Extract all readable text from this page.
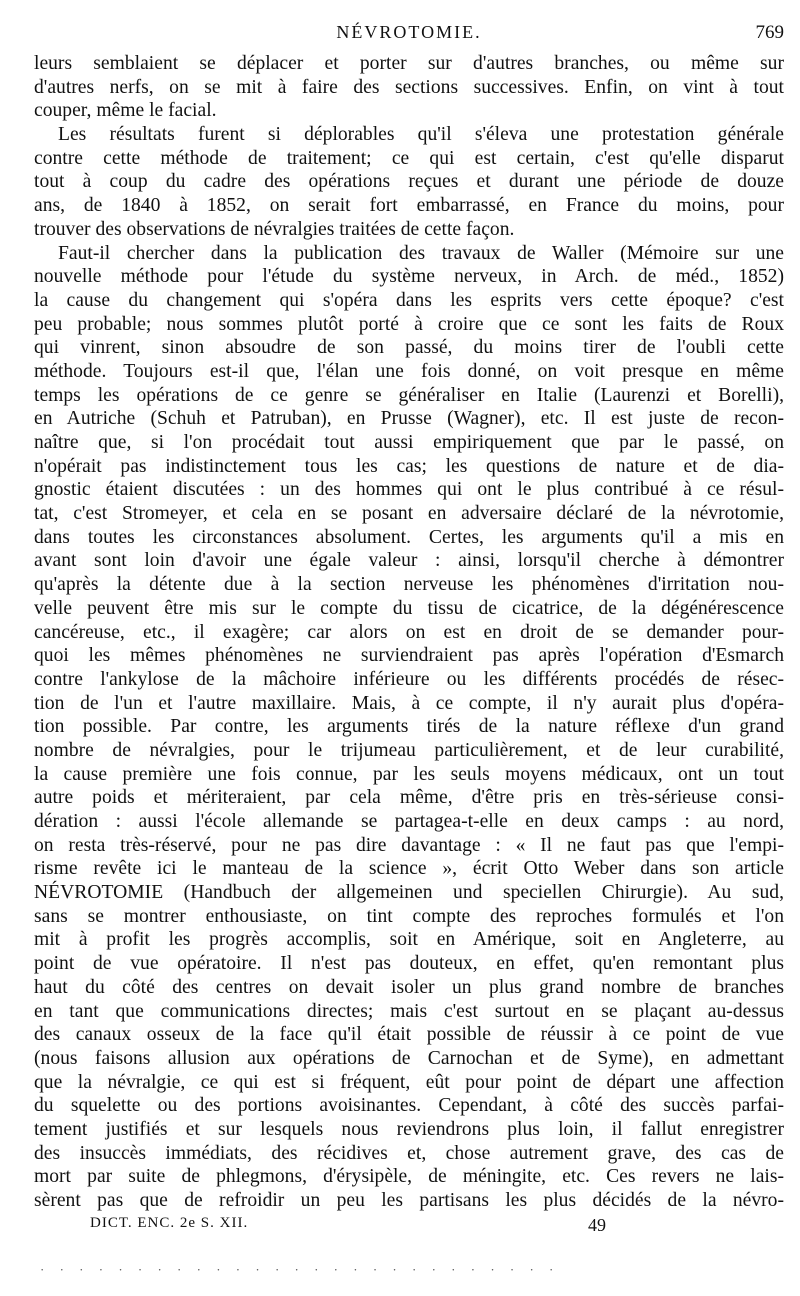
NÉVROTOMIE.	769
leurs semblaient se déplacer et porter sur d'autres branches, ou même sur
d'autres nerfs, on se mit à faire des sections successives. Enfin, on vint à tout
couper, même le facial.
Les résultats furent si déplorables qu'il s'éleva une protestation générale
contre cette méthode de traitement; ce qui est certain, c'est qu'elle disparut
tout à coup du cadre des opérations reçues et durant une période de douze
ans, de 1840 à 1852, on serait fort embarrassé, en France du moins, pour
trouver des observations de névralgies traitées de cette façon.
Faut-il chercher dans la publication des travaux de Waller (Mémoire sur une
nouvelle méthode pour l'étude du système nerveux, in Arch. de méd., 1852)
la cause du changement qui s'opéra dans les esprits vers cette époque? c'est
peu probable; nous sommes plutôt porté à croire que ce sont les faits de Roux
qui vinrent, sinon absoudre de son passé, du moins tirer de l'oubli cette
méthode. Toujours est-il que, l'élan une fois donné, on voit presque en même
temps les opérations de ce genre se généraliser en Italie (Laurenzi et Borelli),
en Autriche (Schuh et Patruban), en Prusse (Wagner), etc. Il est juste de recon-
naître que, si l'on procédait tout aussi empiriquement que par le passé, on
n'opérait pas indistinctement tous les cas; les questions de nature et de dia-
gnostic étaient discutées : un des hommes qui ont le plus contribué à ce résul-
tat, c'est Stromeyer, et cela en se posant en adversaire déclaré de la névrotomie,
dans toutes les circonstances absolument. Certes, les arguments qu'il a mis en
avant sont loin d'avoir une égale valeur : ainsi, lorsqu'il cherche à démontrer
qu'après la détente due à la section nerveuse les phénomènes d'irritation nou-
velle peuvent être mis sur le compte du tissu de cicatrice, de la dégénérescence
cancéreuse, etc., il exagère; car alors on est en droit de se demander pour-
quoi les mêmes phénomènes ne surviendraient pas après l'opération d'Esmarch
contre l'ankylose de la mâchoire inférieure ou les différents procédés de résec-
tion de l'un et l'autre maxillaire. Mais, à ce compte, il n'y aurait plus d'opéra-
tion possible. Par contre, les arguments tirés de la nature réflexe d'un grand
nombre de névralgies, pour le trijumeau particulièrement, et de leur curabilité,
la cause première une fois connue, par les seuls moyens médicaux, ont un tout
autre poids et mériteraient, par cela même, d'être pris en très-sérieuse consi-
dération : aussi l'école allemande se partagea-t-elle en deux camps : au nord,
on resta très-réservé, pour ne pas dire davantage : « Il ne faut pas que l'empi-
risme revête ici le manteau de la science », écrit Otto Weber dans son article
NÉVROTOMIE (Handbuch der allgemeinen und speciellen Chirurgie). Au sud,
sans se montrer enthousiaste, on tint compte des reproches formulés et l'on
mit à profit les progrès accomplis, soit en Amérique, soit en Angleterre, au
point de vue opératoire. Il n'est pas douteux, en effet, qu'en remontant plus
haut du côté des centres on devait isoler un plus grand nombre de branches
en tant que communications directes; mais c'est surtout en se plaçant au-dessus
des canaux osseux de la face qu'il était possible de réussir à ce point de vue
(nous faisons allusion aux opérations de Carnochan et de Syme), en admettant
que la névralgie, ce qui est si fréquent, eût pour point de départ une affection
du squelette ou des portions avoisinantes. Cependant, à côté des succès parfai-
tement justifiés et sur lesquels nous reviendrons plus loin, il fallut enregistrer
des insuccès immédiats, des récidives et, chose autrement grave, des cas de
mort par suite de phlegmons, d'érysipèle, de méningite, etc. Ces revers ne lais-
sèrent pas que de refroidir un peu les partisans les plus décidés de la névro-
DICT. ENC. 2e S. XII.	49
· · · · · · · · · · · · · · · · · · · · · · · · · · ·
